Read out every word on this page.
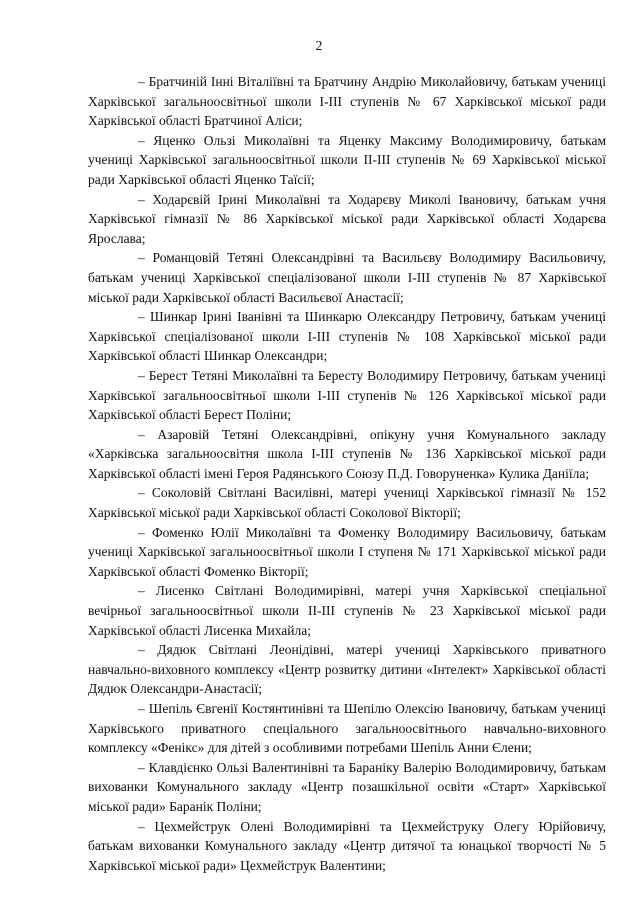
2

– Братчиній Інні Віталіївні та Братчину Андрію Миколайовичу, батькам учениці Харківської загальноосвітньої школи І-ІІІ ступенів № 67 Харківської міської ради Харківської області Братчиної Аліси;

– Яценко Ользі Миколаївні та Яценку Максиму Володимировичу, батькам учениці Харківської загальноосвітньої школи ІІ-ІІІ ступенів № 69 Харківської міської ради Харківської області Яценко Таїсії;

– Ходарєвій Ірині Миколаївні та Ходарєву Миколі Івановичу, батькам учня Харківської гімназії № 86 Харківської міської ради Харківської області Ходарєва Ярослава;

– Романцовій Тетяні Олександрівні та Васильєву Володимиру Васильовичу, батькам учениці Харківської спеціалізованої школи І-ІІІ ступенів № 87 Харківської міської ради Харківської області Васильєвої Анастасії;

– Шинкар Ірині Іванівні та Шинкарю Олександру Петровичу, батькам учениці Харківської спеціалізованої школи І-ІІІ ступенів № 108 Харківської міської ради Харківської області Шинкар Олександри;

– Берест Тетяні Миколаївні та Бересту Володимиру Петровичу, батькам учениці Харківської загальноосвітньої школи І-ІІІ ступенів № 126 Харківської міської ради Харківської області Берест Поліни;

– Азаровій Тетяні Олександрівні, опікуну учня Комунального закладу «Харківська загальноосвітня школа І-ІІІ ступенів № 136 Харківської міської ради Харківської області імені Героя Радянського Союзу П.Д. Говоруненка» Кулика Даніїла;

– Соколовій Світлані Василівні, матері учениці Харківської гімназії № 152 Харківської міської ради Харківської області Соколової Вікторії;

– Фоменко Юлії Миколаївні та Фоменку Володимиру Васильовичу, батькам учениці Харківської загальноосвітньої школи І ступеня № 171 Харківської міської ради Харківської області Фоменко Вікторії;

– Лисенко Світлані Володимирівні, матері учня Харківської спеціальної вечірньої загальноосвітньої школи ІІ-ІІІ ступенів № 23 Харківської міської ради Харківської області Лисенка Михайла;

– Дядюк Світлані Леонідівні, матері учениці Харківського приватного навчально-виховного комплексу «Центр розвитку дитини «Інтелект» Харківської області Дядюк Олександри-Анастасії;

– Шепіль Євгенії Костянтинівні та Шепілю Олексію Івановичу, батькам учениці Харківського приватного спеціального загальноосвітнього навчально-виховного комплексу «Фенікс» для дітей з особливими потребами Шепіль Анни Єлени;

– Клавдієнко Ользі Валентинівні та Бараніку Валерію Володимировичу, батькам вихованки Комунального закладу «Центр позашкільної освіти «Старт» Харківської міської ради» Баранік Поліни;

– Цехмейструк Олені Володимирівні та Цехмейструку Олегу Юрійовичу, батькам вихованки Комунального закладу «Центр дитячої та юнацької творчості № 5 Харківської міської ради» Цехмейструк Валентини;
